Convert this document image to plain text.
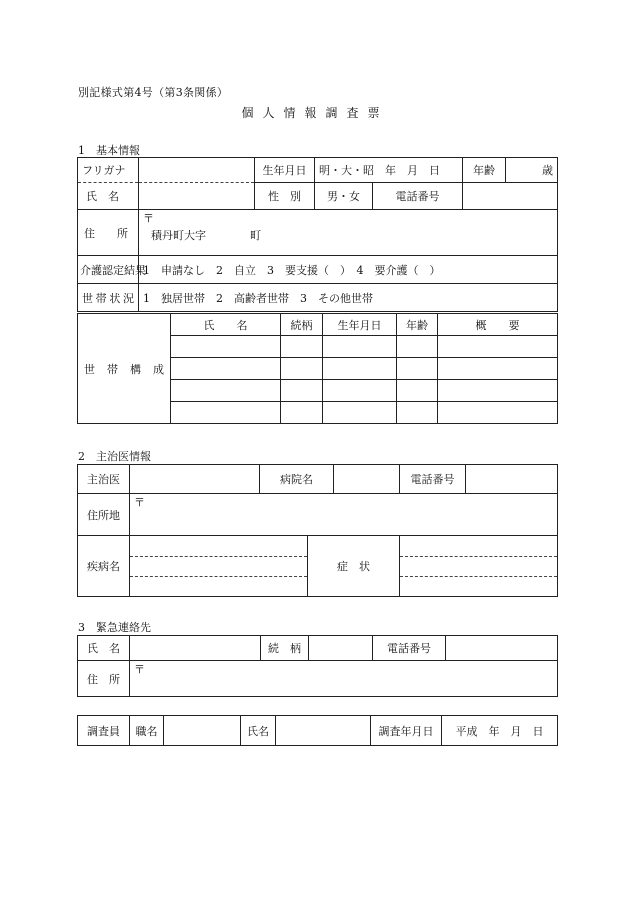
別記様式第4号（第3条関係）
個人情報調査票
1　基本情報
フリガナ		生年月日	明・大・昭　年　月　日		年齢	歳
氏　名		性　別	男・女	電話番号		
住　　所	〒
積丹町大字　　　　町					

介護認定結果	1　申請なし　2　自立　3　要支援（　）　4　要介護（　）					
世帯状況	1　独居世帯　2　高齢者世帯　3　その他世帯					
世帯構成	氏　　名	続柄	生年月日	年齢	概　　要

2　主治医情報
主治医		病院名			電話番号	
住所地	〒					

疾病名			症　状			
3　緊急連絡先
氏　名		続　柄		電話番号	
住　所	〒				
調査員	職名		氏名		調査年月日	平成　年　月　日
